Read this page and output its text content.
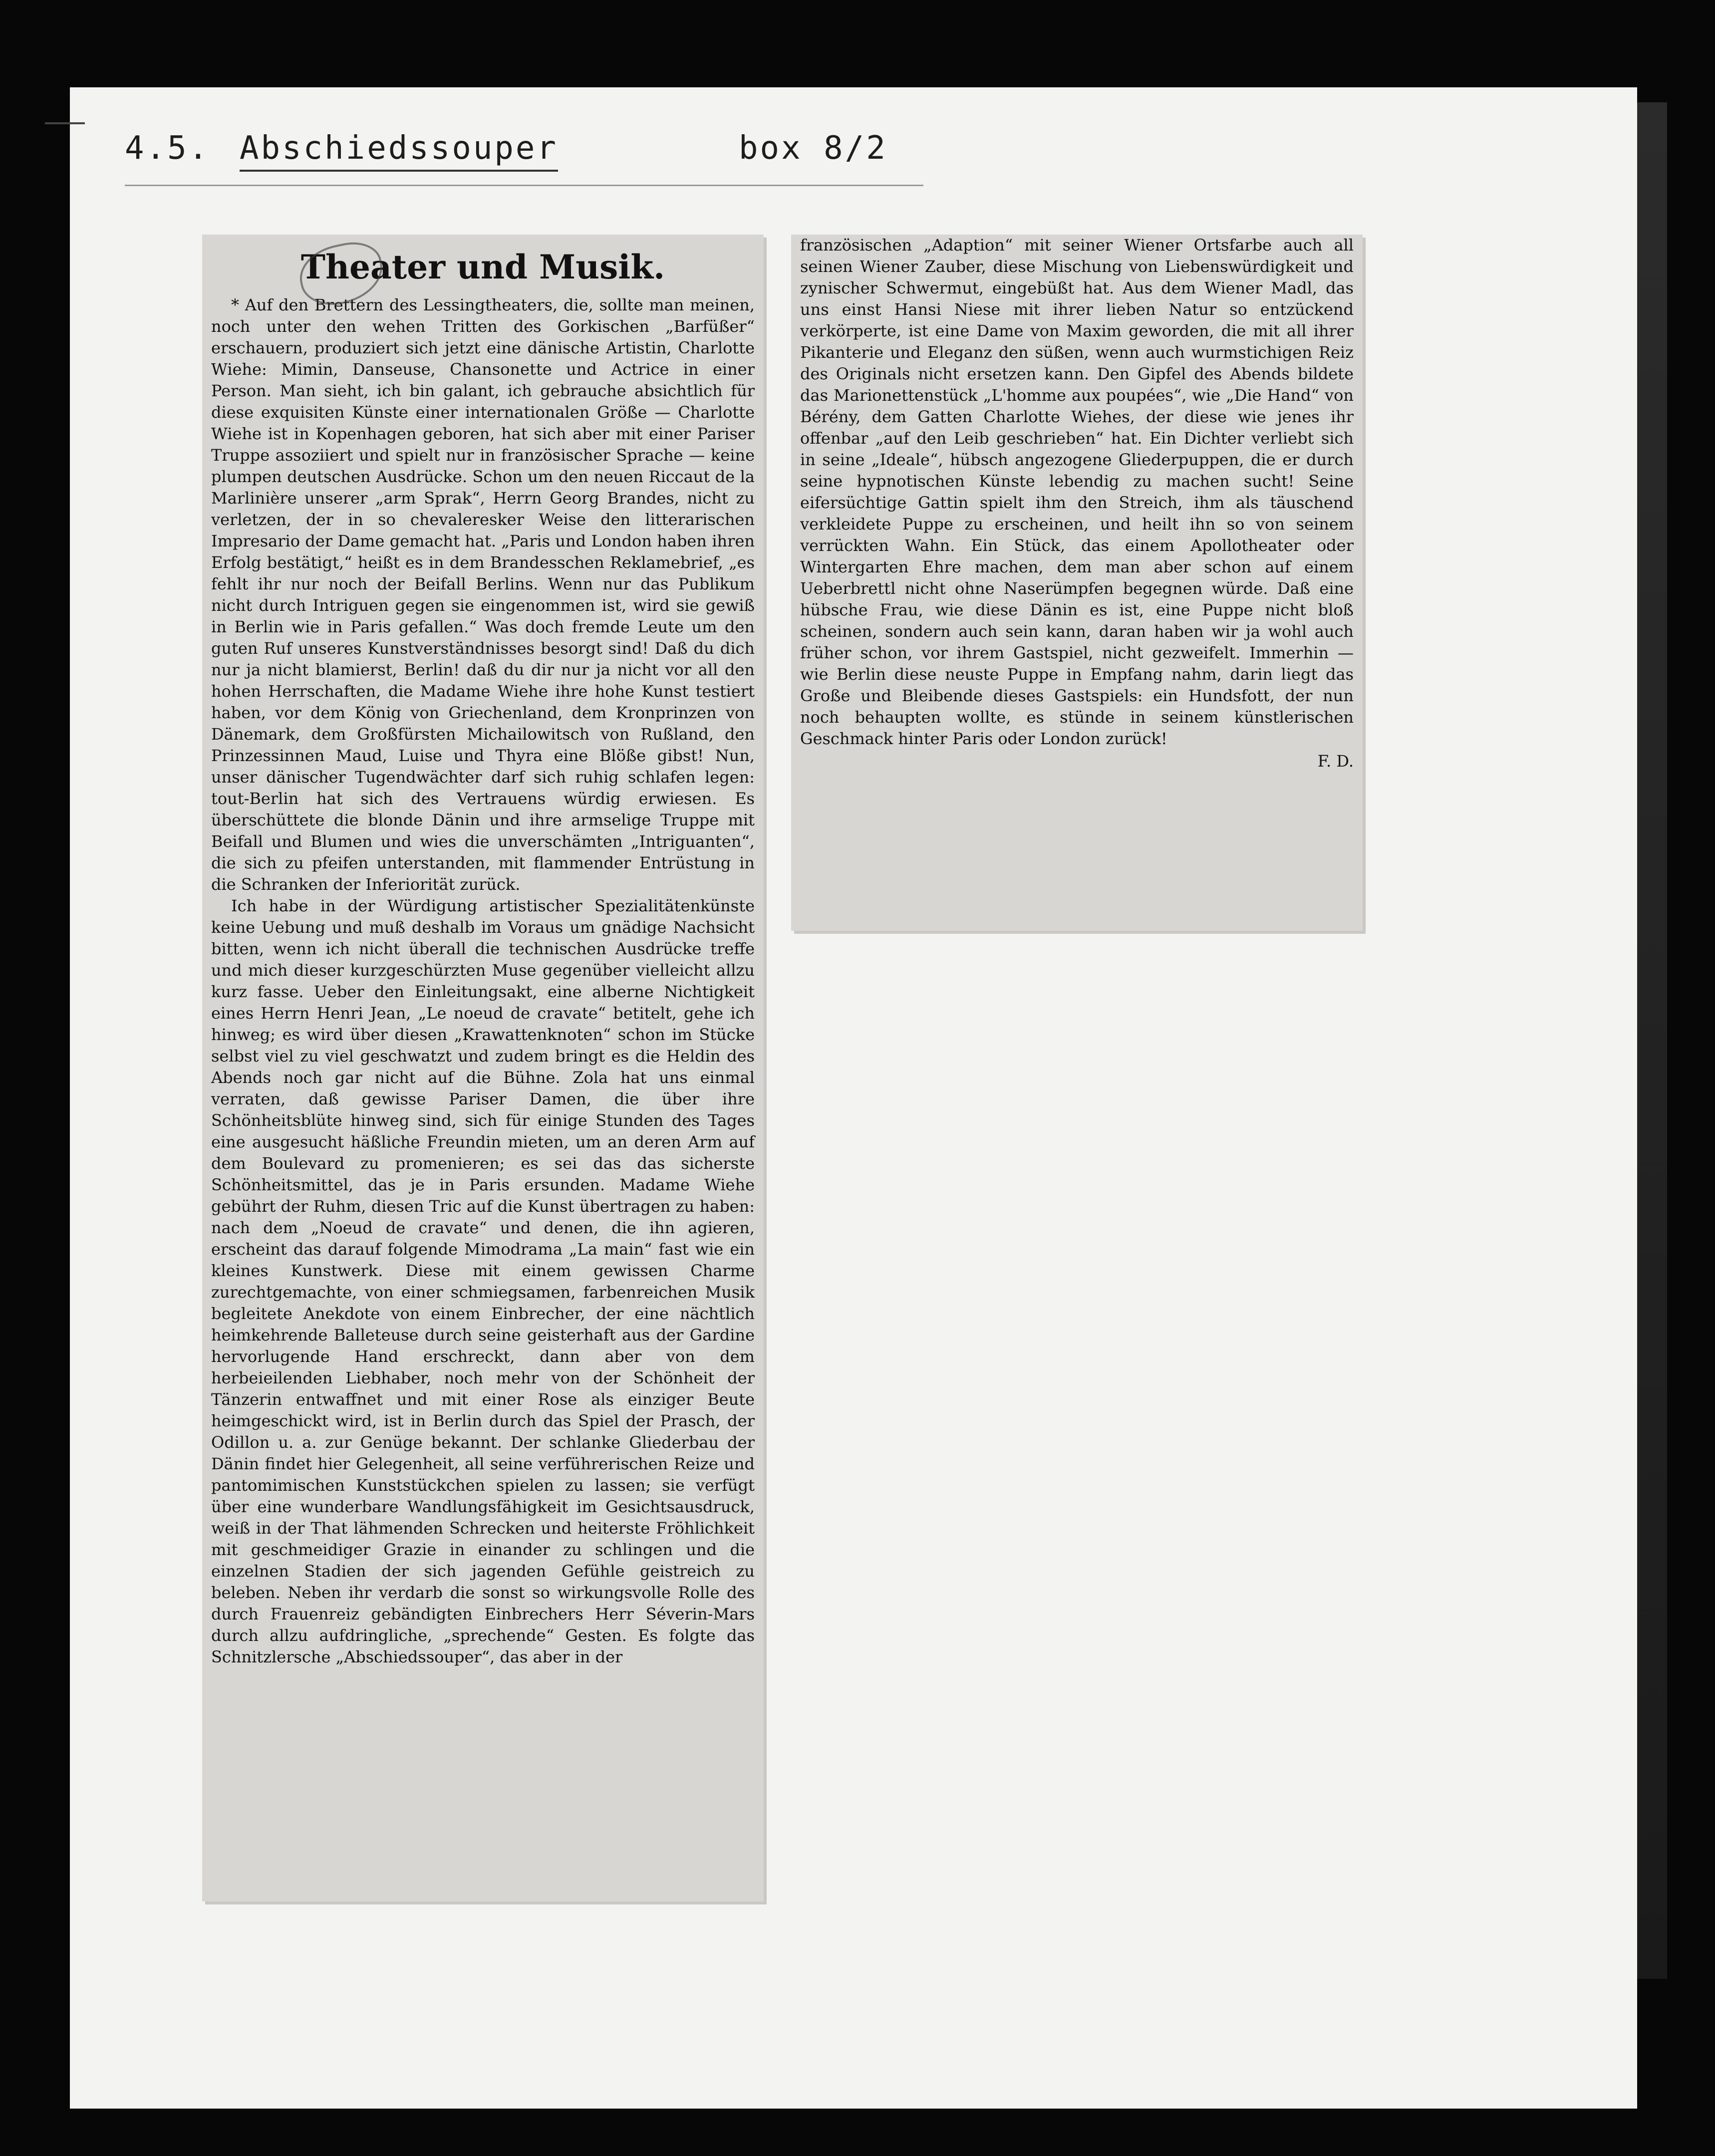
4.5. Abschiedssouper	box 8/2
Theater und Musik.

* Auf den Brettern des Lessingtheaters, die, sollte man meinen, noch unter den wehen Tritten des Gorkischen „Barfüßer“ erschauern, produziert sich jetzt eine dänische Artistin, Charlotte Wiehe: Mimin, Danseuse, Chansonette und Actrice in einer Person. Man sieht, ich bin galant, ich gebrauche absichtlich für diese exquisiten Künste einer internationalen Größe — Charlotte Wiehe ist in Kopenhagen geboren, hat sich aber mit einer Pariser Truppe assoziiert und spielt nur in französischer Sprache — keine plumpen deutschen Ausdrücke. Schon um den neuen Riccaut de la Marlinière unserer „arm Sprak“, Herrn Georg Brandes, nicht zu verletzen, der in so chevaleresker Weise den litterarischen Impresario der Dame gemacht hat. „Paris und London haben ihren Erfolg bestätigt,“ heißt es in dem Brandesschen Reklamebrief, „es fehlt ihr nur noch der Beifall Berlins. Wenn nur das Publikum nicht durch Intriguen gegen sie eingenommen ist, wird sie gewiß in Berlin wie in Paris gefallen.“ Was doch fremde Leute um den guten Ruf unseres Kunstverständnisses besorgt sind! Daß du dich nur ja nicht blamierst, Berlin! daß du dir nur ja nicht vor all den hohen Herrschaften, die Madame Wiehe ihre hohe Kunst testiert haben, vor dem König von Griechenland, dem Kronprinzen von Dänemark, dem Großfürsten Michailowitsch von Rußland, den Prinzessinnen Maud, Luise und Thyra eine Blöße gibst! Nun, unser dänischer Tugendwächter darf sich ruhig schlafen legen: tout-Berlin hat sich des Vertrauens würdig erwiesen. Es überschüttete die blonde Dänin und ihre armselige Truppe mit Beifall und Blumen und wies die unverschämten „Intriguanten“, die sich zu pfeifen unterstanden, mit flammender Entrüstung in die Schranken der Inferiorität zurück.

Ich habe in der Würdigung artistischer Spezialitätenkünste keine Uebung und muß deshalb im Voraus um gnädige Nachsicht bitten, wenn ich nicht überall die technischen Ausdrücke treffe und mich dieser kurzgeschürzten Muse gegenüber vielleicht allzu kurz fasse. Ueber den Einleitungsakt, eine alberne Nichtigkeit eines Herrn Henri Jean, „Le noeud de cravate“ betitelt, gehe ich hinweg; es wird über diesen „Krawattenknoten“ schon im Stücke selbst viel zu viel geschwatzt und zudem bringt es die Heldin des Abends noch gar nicht auf die Bühne. Zola hat uns einmal verraten, daß gewisse Pariser Damen, die über ihre Schönheitsblüte hinweg sind, sich für einige Stunden des Tages eine ausgesucht häßliche Freundin mieten, um an deren Arm auf dem Boulevard zu promenieren; es sei das das sicherste Schönheitsmittel, das je in Paris ersunden. Madame Wiehe gebührt der Ruhm, diesen Tric auf die Kunst übertragen zu haben: nach dem „Noeud de cravate“ und denen, die ihn agieren, erscheint das darauf folgende Mimodrama „La main“ fast wie ein kleines Kunstwerk. Diese mit einem gewissen Charme zurechtgemachte, von einer schmiegsamen, farbenreichen Musik begleitete Anekdote von einem Einbrecher, der eine nächtlich heimkehrende Balleteuse durch seine geisterhaft aus der Gardine hervorlugende Hand erschreckt, dann aber von dem herbeieilenden Liebhaber, noch mehr von der Schönheit der Tänzerin entwaffnet und mit einer Rose als einziger Beute heimgeschickt wird, ist in Berlin durch das Spiel der Prasch, der Odillon u. a. zur Genüge bekannt. Der schlanke Gliederbau der Dänin findet hier Gelegenheit, all seine verführerischen Reize und pantomimischen Kunststückchen spielen zu lassen; sie verfügt über eine wunderbare Wandlungsfähigkeit im Gesichtsausdruck, weiß in der That lähmenden Schrecken und heiterste Fröhlichkeit mit geschmeidiger Grazie in einander zu schlingen und die einzelnen Stadien der sich jagenden Gefühle geistreich zu beleben. Neben ihr verdarb die sonst so wirkungsvolle Rolle des durch Frauenreiz gebändigten Einbrechers Herr Séverin-Mars durch allzu aufdringliche, „sprechende“ Gesten. Es folgte das Schnitzlersche „Abschiedssouper“, das aber in der

französischen „Adaption“ mit seiner Wiener Ortsfarbe auch all seinen Wiener Zauber, diese Mischung von Liebenswürdigkeit und zynischer Schwermut, eingebüßt hat. Aus dem Wiener Madl, das uns einst Hansi Niese mit ihrer lieben Natur so entzückend verkörperte, ist eine Dame von Maxim geworden, die mit all ihrer Pikanterie und Eleganz den süßen, wenn auch wurmstichigen Reiz des Originals nicht ersetzen kann. Den Gipfel des Abends bildete das Marionettenstück „L'homme aux poupées“, wie „Die Hand“ von Bérény, dem Gatten Charlotte Wiehes, der diese wie jenes ihr offenbar „auf den Leib geschrieben“ hat. Ein Dichter verliebt sich in seine „Ideale“, hübsch angezogene Gliederpuppen, die er durch seine hypnotischen Künste lebendig zu machen sucht! Seine eifersüchtige Gattin spielt ihm den Streich, ihm als täuschend verkleidete Puppe zu erscheinen, und heilt ihn so von seinem verrückten Wahn. Ein Stück, das einem Apollotheater oder Wintergarten Ehre machen, dem man aber schon auf einem Ueberbrettl nicht ohne Naserümpfen begegnen würde. Daß eine hübsche Frau, wie diese Dänin es ist, eine Puppe nicht bloß scheinen, sondern auch sein kann, daran haben wir ja wohl auch früher schon, vor ihrem Gastspiel, nicht gezweifelt. Immerhin — wie Berlin diese neuste Puppe in Empfang nahm, darin liegt das Große und Bleibende dieses Gastspiels: ein Hundsfott, der nun noch behaupten wollte, es stünde in seinem künstlerischen Geschmack hinter Paris oder London zurück!

F. D.
